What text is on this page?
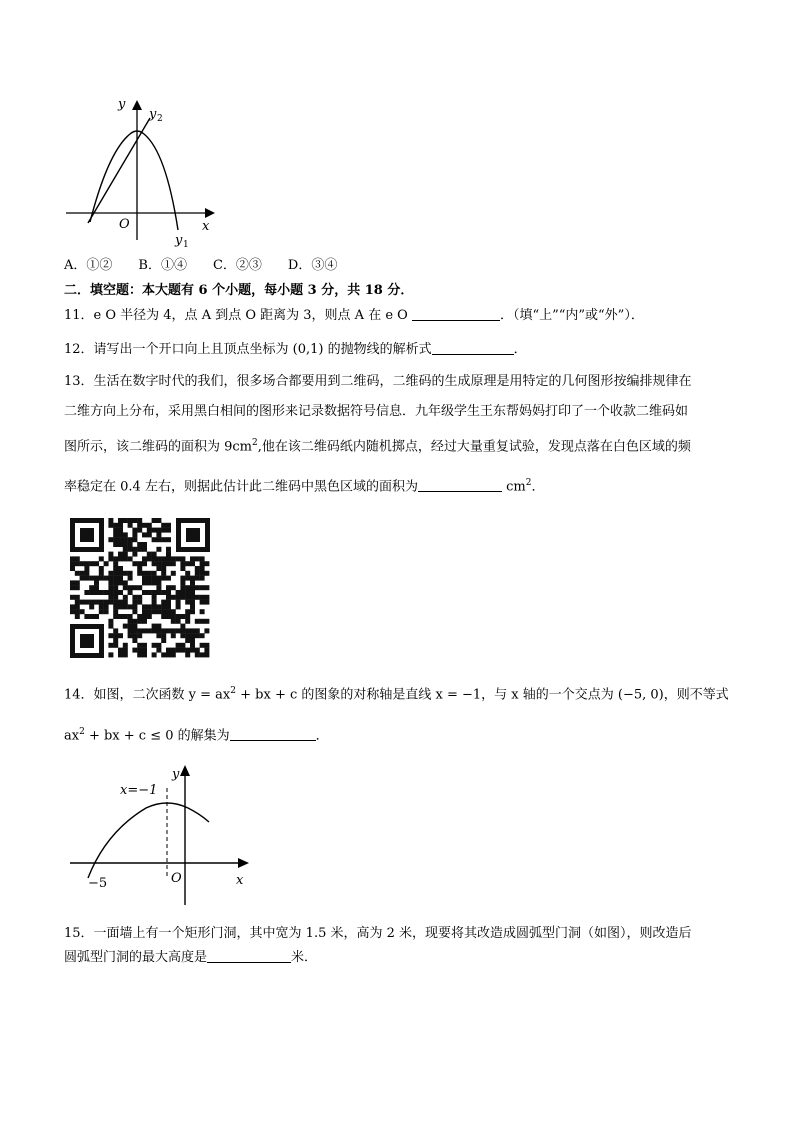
y
y 2
O	x
y 1
A．①② B．①④ C．②③ D．③④
二．填空题：本大题有 6 个小题，每小题 3 分，共 18 分．
11．e O 半径为 4，点 A 到点 O 距离为 3，则点 A 在 e O	．（填“上”“内”或“外”）．
12．请写出一个开口向上且顶点坐标为 (0,1) 的抛物线的解析式	．
13．生活在数字时代的我们，很多场合都要用到二维码，二维码的生成原理是用特定的几何图形按编排规律在
二维方向上分布，采用黑白相间的图形来记录数据符号信息．九年级学生王东帮妈妈打印了一个收款二维码如
图所示，该二维码的面积为 $9cm^2$,他在该二维码纸内随机掷点，经过大量重复试验，发现点落在白色区域的频
率稳定在 0.4 左右，则据此估计此二维码中黑色区域的面积为	$cm^2$．
14．如图，二次函数 $y = ax^2$ + bx + c 的图象的对称轴是直线 x = −1，与 x 轴的一个交点为 (−5, 0)，则不等式
$ax^2$ + bx + c ≤ 0 的解集为	．
x=−1
y
−5	O	x
15．一面墙上有一个矩形门洞，其中宽为 1.5 米，高为 2 米，现要将其改造成圆弧型门洞（如图），则改造后
圆弧型门洞的最大高度是	米．
